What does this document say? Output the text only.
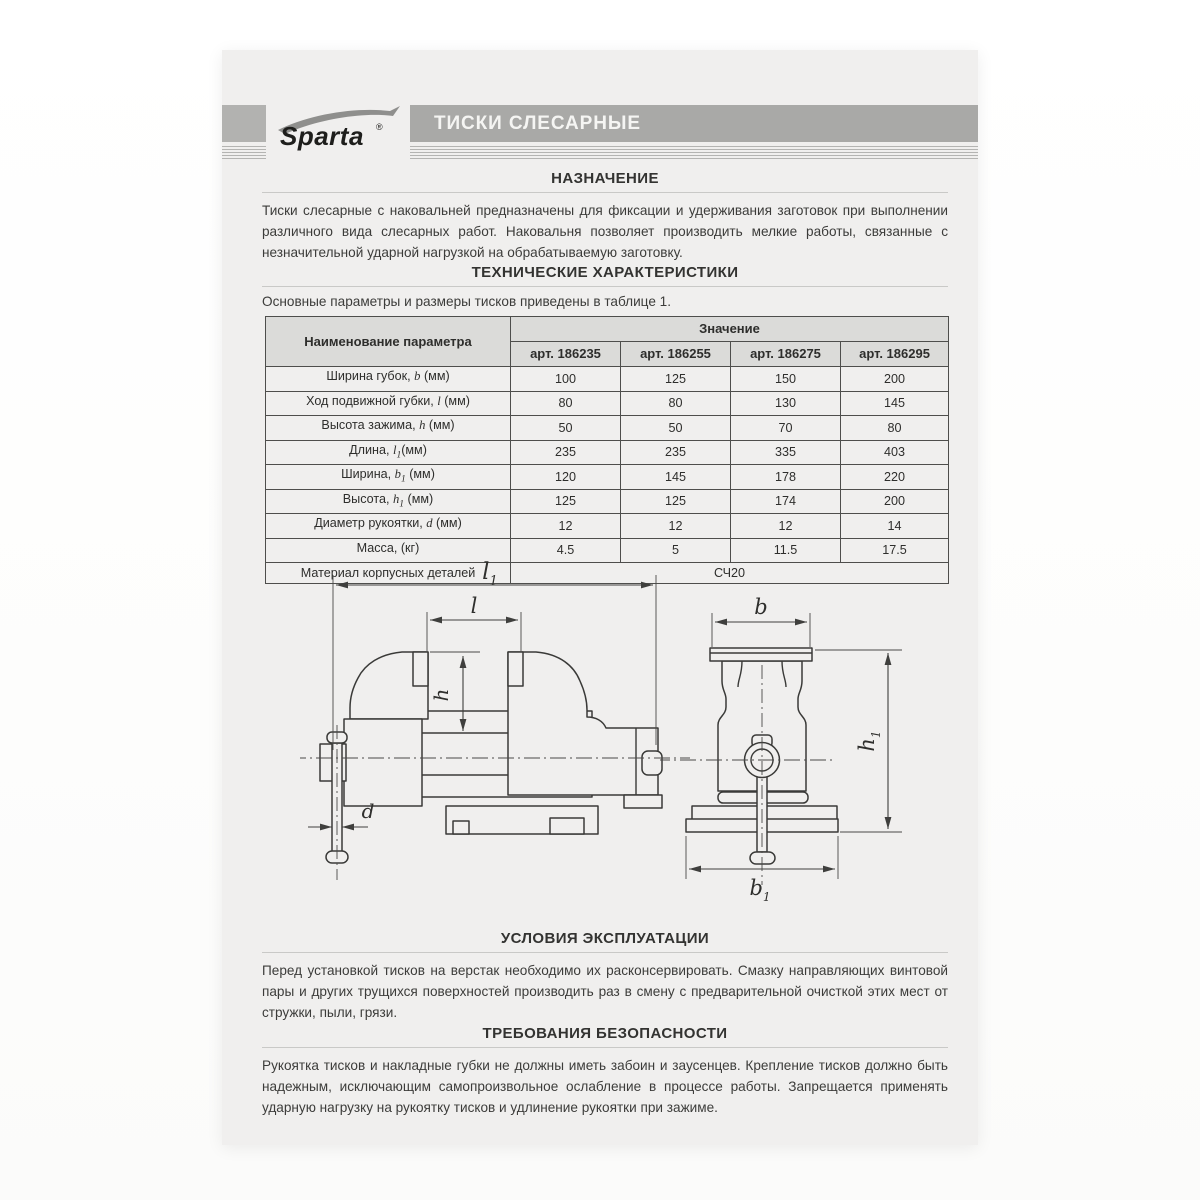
Sparta ®	ТИСКИ СЛЕСАРНЫЕ
НАЗНАЧЕНИЕ
Тиски слесарные с наковальней предназначены для фиксации и удерживания заготовок при выполнении различного вида слесарных работ. Наковальня позволяет производить мелкие работы, связанные с незначительной ударной нагрузкой на обрабатываемую заготовку.
ТЕХНИЧЕСКИЕ ХАРАКТЕРИСТИКИ
Основные параметры и размеры тисков приведены в таблице 1.
Наименование параметра	Значение			
	арт. 186235	арт. 186255	арт. 186275	арт. 186295
Ширина губок, b (мм)	100	125	150	200
Ход подвижной губки, l (мм)	80	80	130	145
Высота зажима, h (мм)	50	50	70	80
Длина, $l_1(мм)$	235	235	335	403
Ширина, $b_1$ (мм)	120	145	178	220
Высота, $h_1$ (мм)	125	125	174	200
Диаметр рукоятки, d (мм)	12	12	12	14
Масса, (кг)	4.5	5	11.5	17.5
Материал корпусных деталей	СЧ20			
$l_1$
l
h
d
b
$h_1$
$b_1$
УСЛОВИЯ ЭКСПЛУАТАЦИИ
Перед установкой тисков на верстак необходимо их расконсервировать. Смазку направляющих винтовой пары и других трущихся поверхностей производить раз в смену с предварительной очисткой этих мест от стружки, пыли, грязи.
ТРЕБОВАНИЯ БЕЗОПАСНОСТИ
Рукоятка тисков и накладные губки не должны иметь забоин и заусенцев. Крепление тисков должно быть надежным, исключающим самопроизвольное ослабление в процессе работы. Запрещается применять ударную нагрузку на рукоятку тисков и удлинение рукоятки при зажиме.
